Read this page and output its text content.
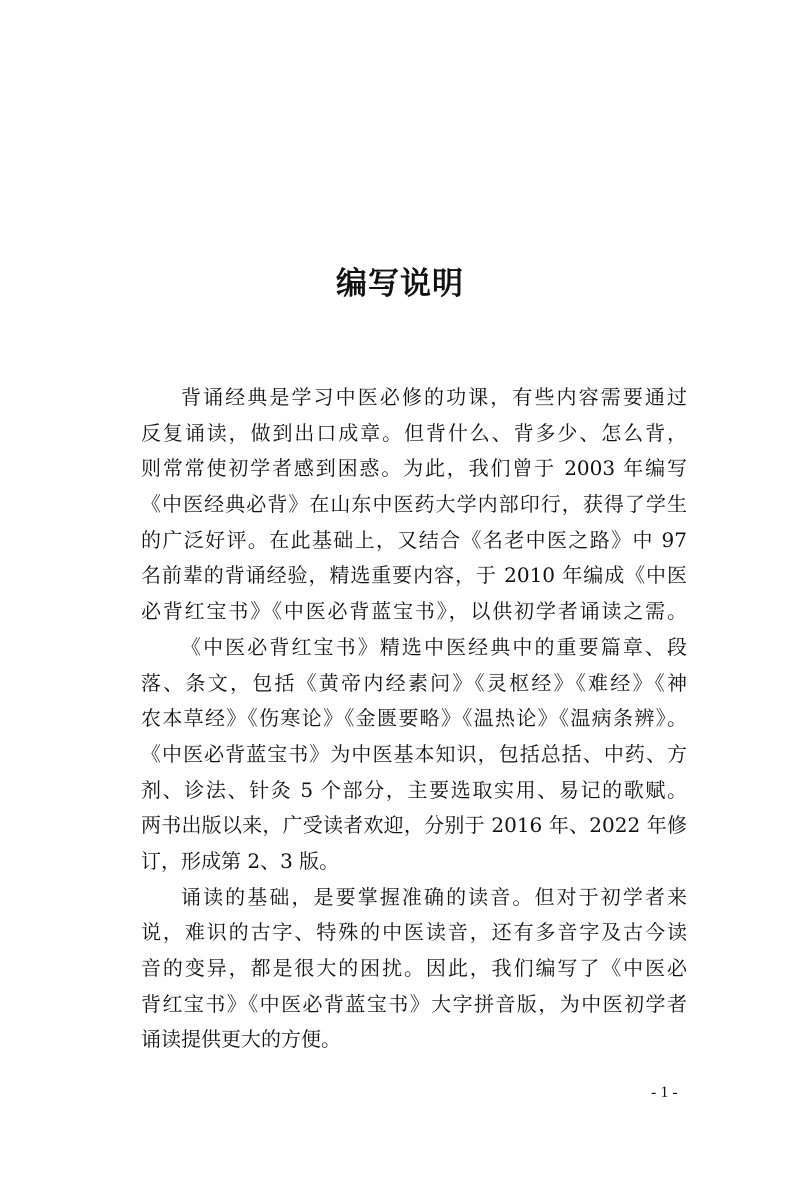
编写说明
背诵经典是学习中医必修的功课，有些内容需要通过
反复诵读，做到出口成章。但背什么、背多少、怎么背，
则常常使初学者感到困惑。为此，我们曾于 2003 年编写
《中医经典必背》在山东中医药大学内部印行，获得了学生
的广泛好评。在此基础上，又结合《名老中医之路》中 97
名前辈的背诵经验，精选重要内容，于 2010 年编成《中医
必背红宝书》《中医必背蓝宝书》，以供初学者诵读之需。
《中医必背红宝书》精选中医经典中的重要篇章、段
落、条文，包括《黄帝内经素问》《灵枢经》《难经》《神
农本草经》《伤寒论》《金匮要略》《温热论》《温病条辨》。
《中医必背蓝宝书》为中医基本知识，包括总括、中药、方
剂、诊法、针灸 5 个部分，主要选取实用、易记的歌赋。
两书出版以来，广受读者欢迎，分别于 2016 年、2022 年修
订，形成第 2、3 版。
诵读的基础，是要掌握准确的读音。但对于初学者来
说，难识的古字、特殊的中医读音，还有多音字及古今读
音的变异，都是很大的困扰。因此，我们编写了《中医必
背红宝书》《中医必背蓝宝书》大字拼音版，为中医初学者
诵读提供更大的方便。
- 1 -
